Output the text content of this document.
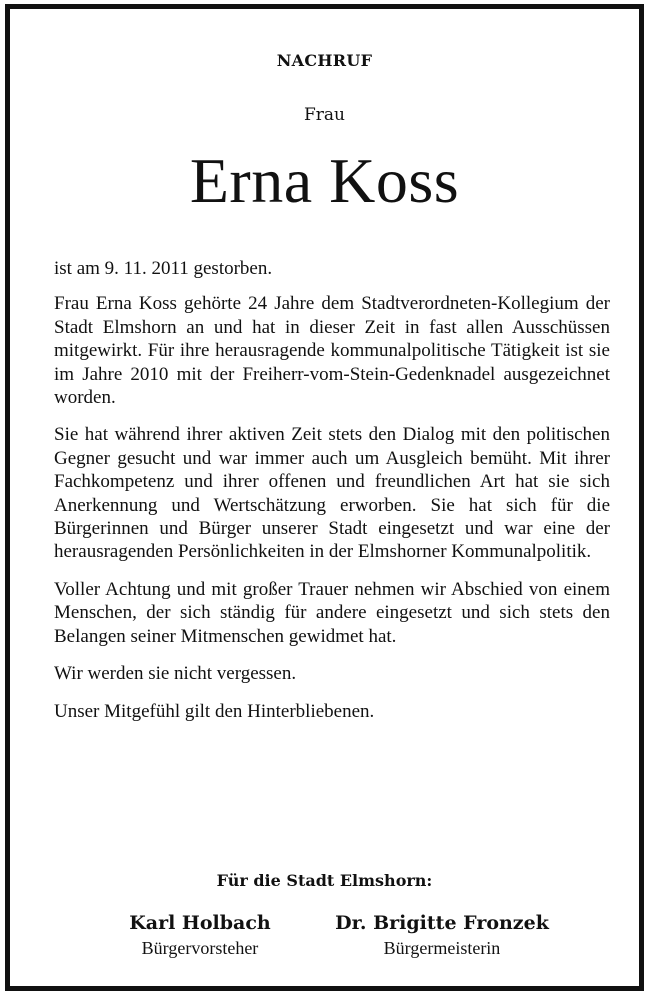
NACHRUF
Frau
Erna Koss

ist am 9. 11. 2011 gestorben.

Frau Erna Koss gehörte 24 Jahre dem Stadtverordneten-Kollegium der Stadt Elmshorn an und hat in dieser Zeit in fast allen Ausschüssen mitgewirkt. Für ihre herausragende kommunalpolitische Tätigkeit ist sie im Jahre 2010 mit der Freiherr-vom-Stein-Gedenknadel ausgezeichnet worden.

Sie hat während ihrer aktiven Zeit stets den Dialog mit den politischen Gegner gesucht und war immer auch um Ausgleich bemüht. Mit ihrer Fachkompetenz und ihrer offenen und freundlichen Art hat sie sich Anerkennung und Wertschätzung erworben. Sie hat sich für die Bürgerinnen und Bürger unserer Stadt eingesetzt und war eine der herausragenden Persönlichkeiten in der Elmshorner Kommunalpolitik.

Voller Achtung und mit großer Trauer nehmen wir Abschied von einem Menschen, der sich ständig für andere eingesetzt und sich stets den Belangen seiner Mitmenschen gewidmet hat.

Wir werden sie nicht vergessen.

Unser Mitgefühl gilt den Hinterbliebenen.

Für die Stadt Elmshorn:
Karl Holbach
Bürgervorsteher
Dr. Brigitte Fronzek
Bürgermeisterin
